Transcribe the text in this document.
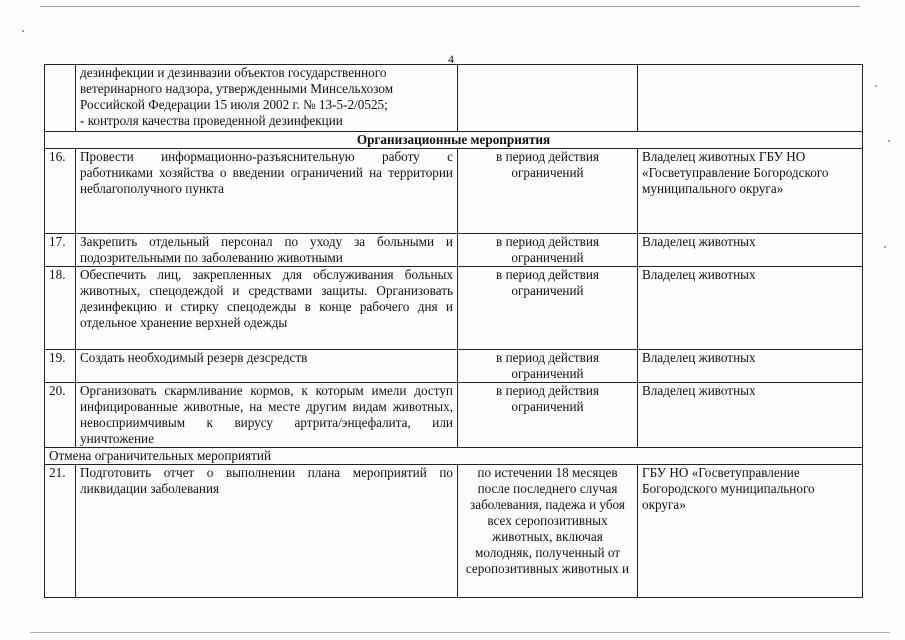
4

	дезинфекции и дезинвазии объектов государственного
ветеринарного надзора, утвержденными Минсельхозом
Российской Федерации 15 июля 2002 г. № 13-5-2/0525;
- контроля качества проведенной дезинфекции		

Организационные мероприятия			
16.	Провести информационно-разъяснительную работу с работниками хозяйства о введении ограничений на территории неблагополучного пункта	в период действия ограничений	Владелец животных ГБУ НО «Госветуправление Богородского муниципального округа»
17.	Закрепить отдельный персонал по уходу за больными и подозрительными по заболеванию животными	в период действия ограничений	Владелец животных
18.	Обеспечить лиц, закрепленных для обслуживания больных животных, спецодеждой и средствами защиты. Организовать дезинфекцию и стирку спецодежды в конце рабочего дня и отдельное хранение верхней одежды	в период действия ограничений	Владелец животных
19.	Создать необходимый резерв дезсредств	в период действия ограничений	Владелец животных
20.	Организовать скармливание кормов, к которым имели доступ инфицированные животные, на месте другим видам животных, невосприимчивым к вирусу артрита/энцефалита, или уничтожение	в период действия ограничений	Владелец животных
Отмена ограничительных мероприятий			
21.	Подготовить отчет о выполнении плана мероприятий по ликвидации заболевания	по истечении 18 месяцев после последнего случая заболевания, падежа и убоя всех серопозитивных животных, включая молодняк, полученный от серопозитивных животных и	ГБУ НО «Госветуправление Богородского муниципального округа»
